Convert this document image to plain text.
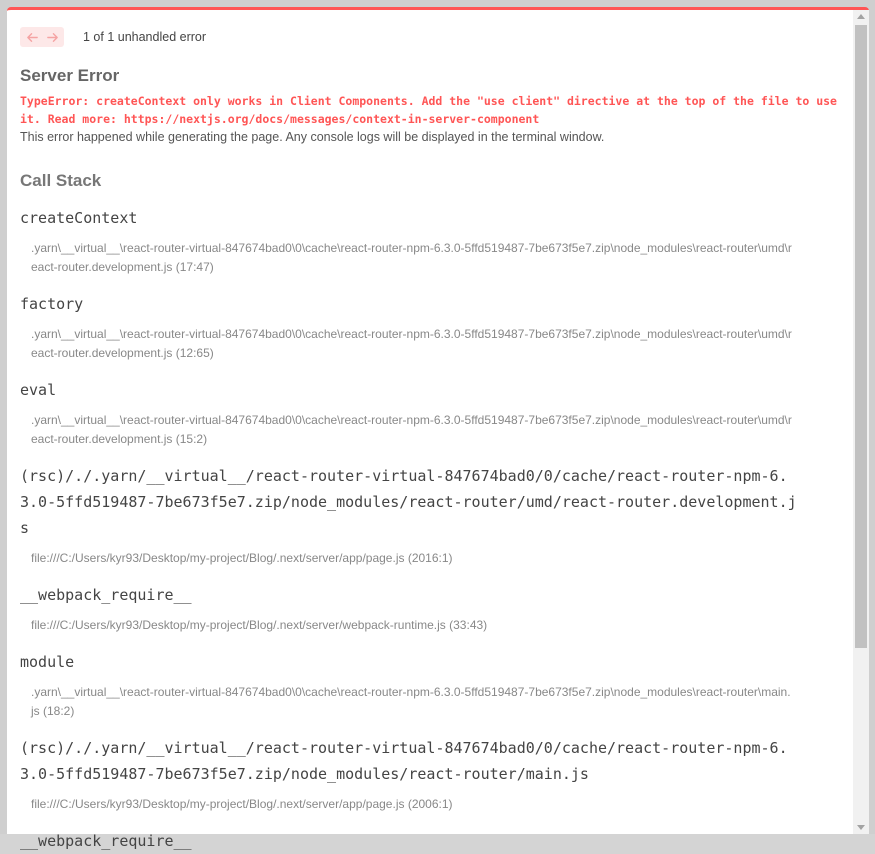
1 of 1 unhandled error
Server Error
TypeError: createContext only works in Client Components. Add the "use client" directive at the top of the file to use it. Read more: https://nextjs.org/docs/messages/context-in-server-component
This error happened while generating the page. Any console logs will be displayed in the terminal window.
Call Stack
createContext
.yarn\__virtual__\react-router-virtual-847674bad0\0\cache\react-router-npm-6.3.0-5ffd519487-7be673f5e7.zip\node_modules\react-router\umd\react-router.development.js (17:47)
factory
.yarn\__virtual__\react-router-virtual-847674bad0\0\cache\react-router-npm-6.3.0-5ffd519487-7be673f5e7.zip\node_modules\react-router\umd\react-router.development.js (12:65)
eval
.yarn\__virtual__\react-router-virtual-847674bad0\0\cache\react-router-npm-6.3.0-5ffd519487-7be673f5e7.zip\node_modules\react-router\umd\react-router.development.js (15:2)
(rsc)/./.yarn/__virtual__/react-router-virtual-847674bad0/0/cache/react-router-npm-6.3.0-5ffd519487-7be673f5e7.zip/node_modules/react-router/umd/react-router.development.js
file:///C:/Users/kyr93/Desktop/my-project/Blog/.next/server/app/page.js (2016:1)
__webpack_require__
file:///C:/Users/kyr93/Desktop/my-project/Blog/.next/server/webpack-runtime.js (33:43)
module
.yarn\__virtual__\react-router-virtual-847674bad0\0\cache\react-router-npm-6.3.0-5ffd519487-7be673f5e7.zip\node_modules\react-router\main.js (18:2)
(rsc)/./.yarn/__virtual__/react-router-virtual-847674bad0/0/cache/react-router-npm-6.3.0-5ffd519487-7be673f5e7.zip/node_modules/react-router/main.js
file:///C:/Users/kyr93/Desktop/my-project/Blog/.next/server/app/page.js (2006:1)
__webpack_require__
